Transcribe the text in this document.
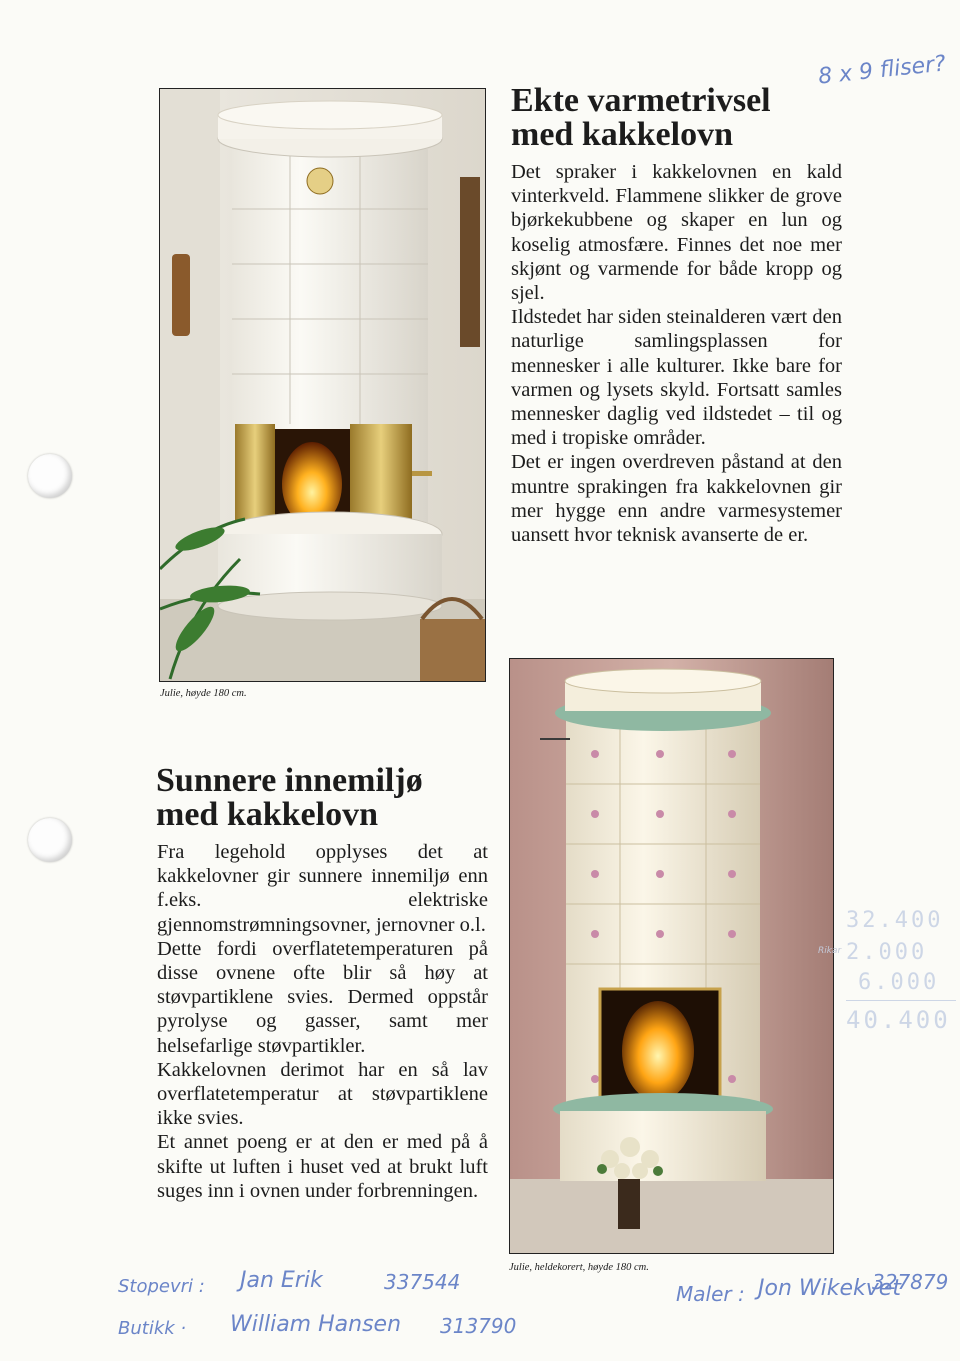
Julie, høyde 180 cm.
Ekte varmetrivsel
med kakkelovn

Det spraker i kakkelovnen en kald vinterkveld. Flammene slikker de grove bjørkekubbene og skaper en lun og koselig atmosfære. Finnes det noe mer skjønt og varmende for både kropp og sjel.

Ildstedet har siden steinalderen vært den naturlige samlingsplassen for mennesker i alle kulturer. Ikke bare for varmen og lysets skyld. Fortsatt samles mennesker daglig ved ildstedet – til og med i tropiske områder.

Det er ingen overdreven påstand at den muntre sprakingen fra kakkelovnen gir mer hygge enn andre varmesystemer uansett hvor teknisk avanserte de er.

Sunnere innemiljø
med kakkelovn

Fra legehold opplyses det at kakkelovner gir sunnere innemiljø enn f.eks. elektriske gjennomstrømningsovner, jernovner o.l.

Dette fordi overflatetemperaturen på disse ovnene ofte blir så høy at støvpartiklene svies. Dermed oppstår pyrolyse og gasser, samt mer helsefarlige støvpartikler.

Kakkelovnen derimot har en så lav overflatetemperatur at støvpartiklene ikke svies.

Et annet poeng er at den er med på å skifte ut luften i huset ved at brukt luft suges inn i ovnen under forbrenningen.

Julie, heldekorert, høyde 180 cm.
8 x 9 fliser?
32.400
Rikar 2.000
6.000
40.400
Stopevri : Jan Erik	337544
Butikk · William Hansen 313790
Maler : Jon Wikekvet
327879
